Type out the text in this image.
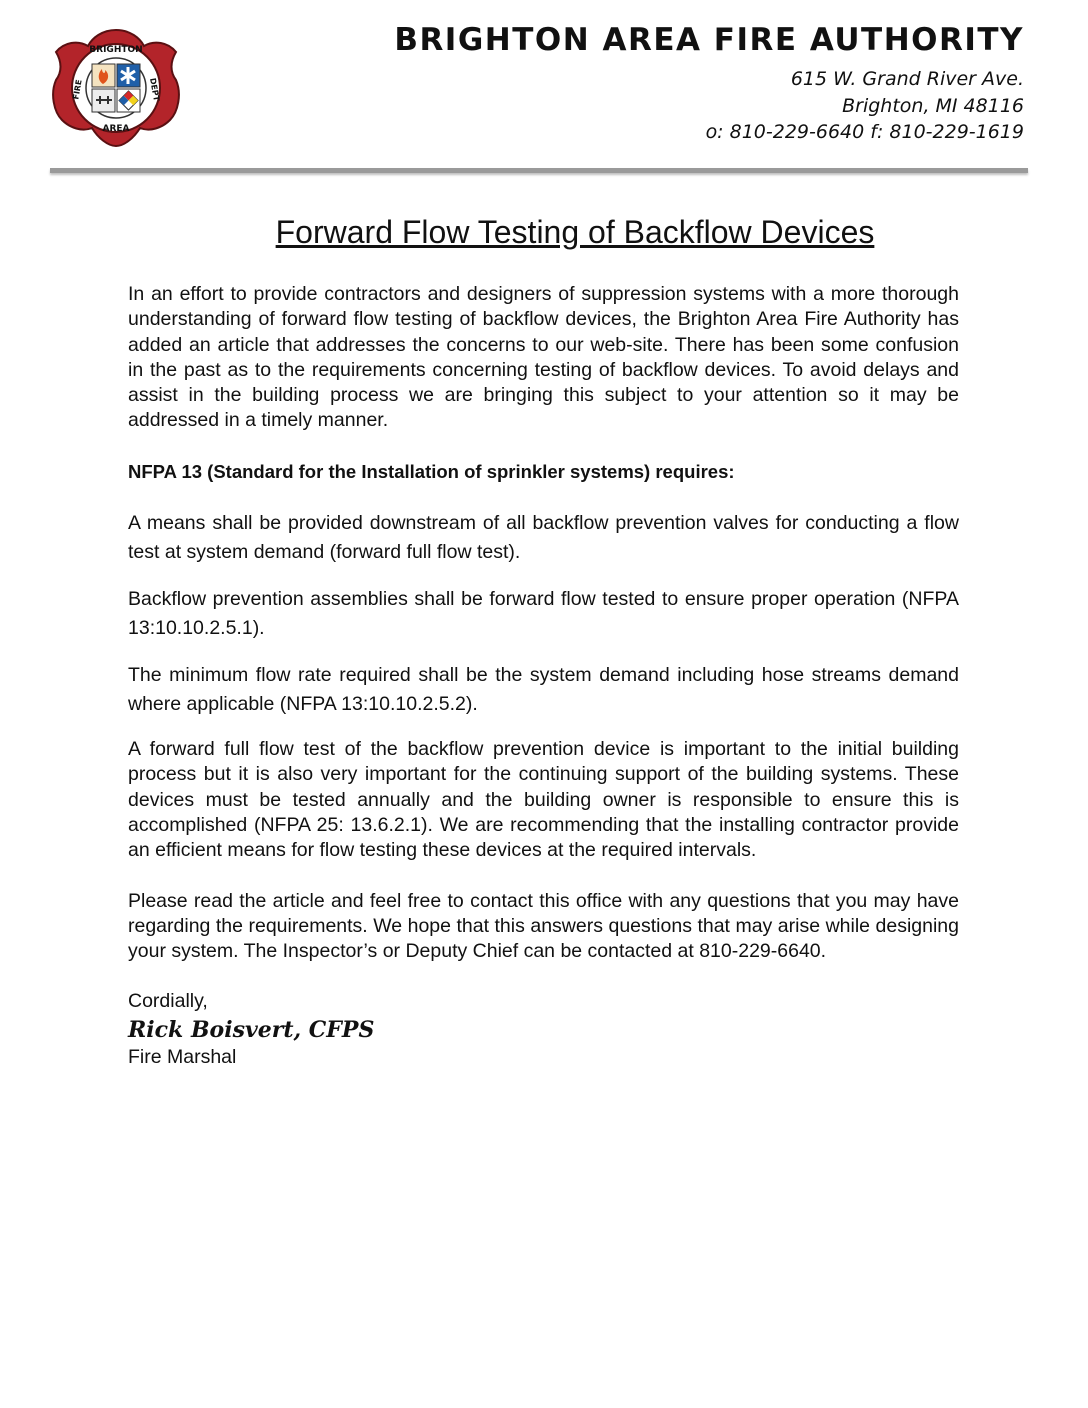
BRIGHTON
AREA
FIRE	DEPT
BRIGHTON AREA FIRE AUTHORITY
615 W. Grand River Ave.
Brighton, MI 48116
o: 810-229-6640 f: 810-229-1619
Forward Flow Testing of Backflow Devices

In an effort to provide contractors and designers of suppression systems with a more thorough understanding of forward flow testing of backflow devices, the Brighton Area Fire Authority has added an article that addresses the concerns to our web-site. There has been some confusion in the past as to the requirements concerning testing of backflow devices. To avoid delays and assist in the building process we are bringing this subject to your attention so it may be addressed in a timely manner.

NFPA 13 (Standard for the Installation of sprinkler systems) requires:

A means shall be provided downstream of all backflow prevention valves for conducting a flow test at system demand (forward full flow test).

Backflow prevention assemblies shall be forward flow tested to ensure proper operation (NFPA 13:10.10.2.5.1).

The minimum flow rate required shall be the system demand including hose streams demand where applicable (NFPA 13:10.10.2.5.2).

A forward full flow test of the backflow prevention device is important to the initial building process but it is also very important for the continuing support of the building systems. These devices must be tested annually and the building owner is responsible to ensure this is accomplished (NFPA 25: 13.6.2.1). We are recommending that the installing contractor provide an efficient means for flow testing these devices at the required intervals.

Please read the article and feel free to contact this office with any questions that you may have regarding the requirements. We hope that this answers questions that may arise while designing your system. The Inspector’s or Deputy Chief can be contacted at 810-229-6640.

Cordially,

Rick Boisvert, CFPS

Fire Marshal
